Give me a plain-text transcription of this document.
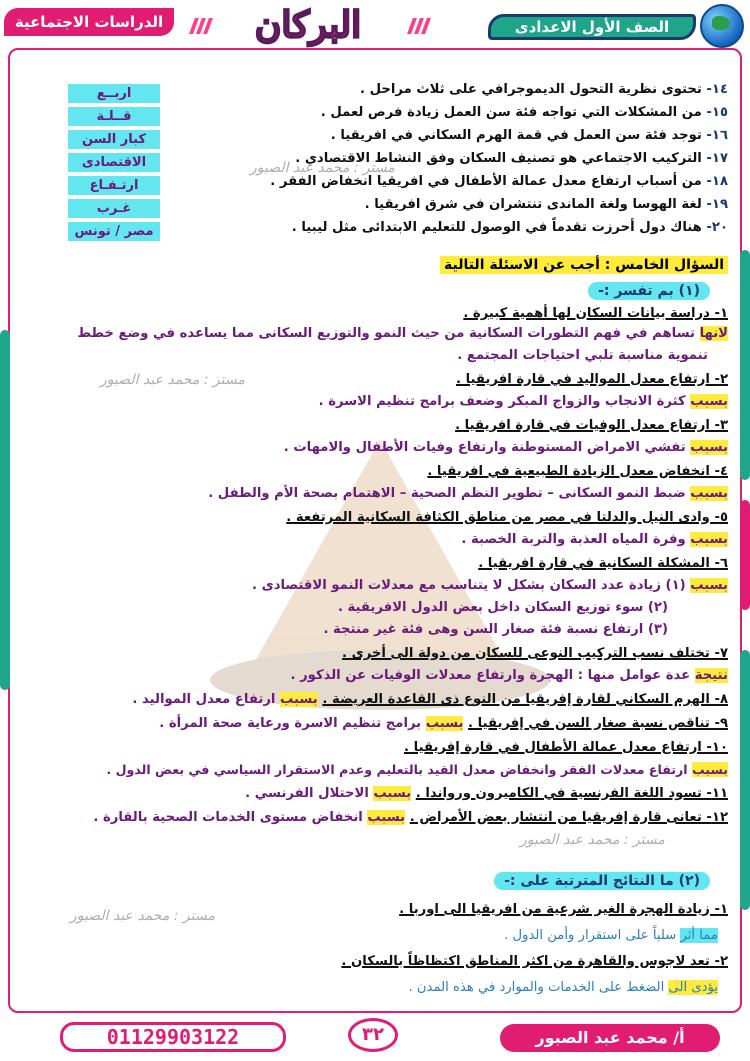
الصف الأول الاعدادى
البركان
الدراسات الاجتماعية
اربــع
قــلـة
كبار السن
الاقتصادى
ارتـفـاع
غـرب
مصر / تونس
١٤- تحتوى نظرية التحول الديموجرافي على ثلاث مراحل .
١٥- من المشكلات التي تواجه فئة سن العمل زيادة فرص لعمل .
١٦- توجد فئة سن العمل في قمة الهرم السكاني في افريقيا .
١٧- التركيب الاجتماعي هو تصنيف السكان وفق النشاط الاقتصادي .
١٨- من أسباب ارتفاع معدل عمالة الأطفال في افريقيا انخفاض الفقر .
١٩- لغة الهوسا ولغة الماندى تنتشران في شرق افريقيا .
٢٠- هناك دول أحرزت تقدماً في الوصول للتعليم الابتدائى مثل ليبيا .
مستر : محمد عبد الصبور
السؤال الخامس : أجب عن الاسئلة التالية
(١) بم تفسر :-
١- دراسة بيانات السكان لها أهمية كبيرة .
لانها تساهم في فهم التطورات السكانية من حيث النمو والتوزيع السكانى مما يساعده في وضع خطط
تنموية مناسبة تلبي احتياجات المجتمع .
٢- ارتفاع معدل المواليد في قارة افريقيا .
بسبب كثرة الانجاب والزواج المبكر وضعف برامج تنظيم الاسرة .
٣- ارتفاع معدل الوفيات في قارة افريقيا .
بسبب تفشي الامراض المستوطنة وارتفاع وفيات الأطفال والامهات .
٤- انخفاض معدل الزيادة الطبيعية في افريقيا .
بسبب ضبط النمو السكانى – تطوير النظم الصحية – الاهتمام بصحة الأم والطفل .
٥- وادى النيل والدلتا في مصر من مناطق الكثافة السكانية المرتفعة .
بسبب وفرة المياه العذبة والتربة الخصبة .
٦- المشكلة السكانية في قارة افريقيا .
بسبب (١) زيادة عدد السكان بشكل لا يتناسب مع معدلات النمو الاقتصادى .
(٢) سوء توزيع السكان داخل بعض الدول الافريقية .
(٣) ارتفاع نسبة فئة صغار السن وهى فئة غير منتجة .
٧- تختلف نسب التركيب النوعى للسكان من دولة الى أخرى .
نتيجة عدة عوامل منها : الهجرة وارتفاع معدلات الوفيات عن الذكور .
٨- الهرم السكاني لقارة إفريقيا من النوع ذى القاعدة العريضة . بسبب ارتفاع معدل المواليد .
٩- تناقص نسبة صغار السن في إفريقيا . بسبب برامج تنظيم الاسرة ورعاية صحة المرأة .
١٠- ارتفاع معدل عمالة الأطفال في قارة إفريقيا .
بسبب ارتفاع معدلات الفقر وانخفاض معدل القيد بالتعليم وعدم الاستقرار السياسي في بعض الدول .
١١- تسود اللغة الفرنسية في الكاميرون ورواندا . بسبب الاحتلال الفرنسي .
١٢- تعانى قارة إفريقيا من انتشار بعض الأمراض . بسبب انخفاض مستوى الخدمات الصحية بالقارة .
مستر : محمد عبد الصبور
مستر : محمد عبد الصبور
مستر : محمد عبد الصبور
(٢) ما النتائج المترتبة على :-
١- زيادة الهجرة الغير شرعية من افريقيا الى اوربا .
مما أثر سلباً على استقرار وأمن الدول .
٢- تعد لاجوس والقاهرة من اكثر المناطق اكتظاظاً بالسكان .
يؤدى الى الضغط على الخدمات والموارد في هذه المدن .
01129903122	٣٢	أ/ محمد عبد الصبور
